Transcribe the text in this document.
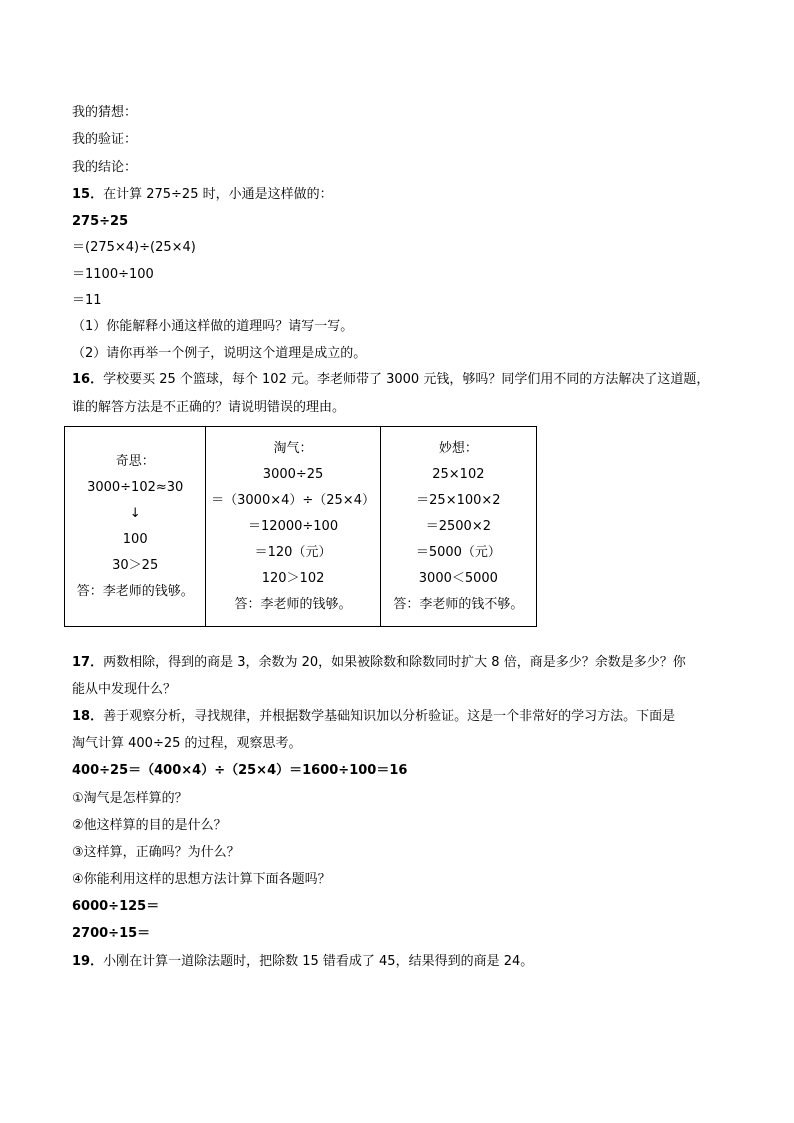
我的猜想：
我的验证：
我的结论：
15．在计算 275÷25 时，小通是这样做的：
275÷25
＝(275×4)÷(25×4)
＝1100÷100
＝11
（1）你能解释小通这样做的道理吗？请写一写。
（2）请你再举一个例子，说明这个道理是成立的。
16．学校要买 25 个篮球，每个 102 元。李老师带了 3000 元钱，够吗？同学们用不同的方法解决了这道题，
谁的解答方法是不正确的？请说明错误的理由。
奇思：
3000÷102≈30
↓
100
30＞25
答：李老师的钱够。

淘气：
3000÷25
＝（3000×4）÷（25×4）
＝12000÷100
＝120（元）
120＞102
答：李老师的钱够。

妙想：
25×102
＝25×100×2
＝2500×2
＝5000（元）
3000＜5000
答：李老师的钱不够。
17．两数相除，得到的商是 3，余数为 20，如果被除数和除数同时扩大 8 倍，商是多少？余数是多少？你
能从中发现什么？
18．善于观察分析，寻找规律，并根据数学基础知识加以分析验证。这是一个非常好的学习方法。下面是
淘气计算 400÷25 的过程，观察思考。
400÷25＝（400×4）÷（25×4）＝1600÷100＝16
①淘气是怎样算的？
②他这样算的目的是什么？
③这样算，正确吗？为什么？
④你能利用这样的思想方法计算下面各题吗？
6000÷125＝
2700÷15＝
19．小刚在计算一道除法题时，把除数 15 错看成了 45，结果得到的商是 24。
